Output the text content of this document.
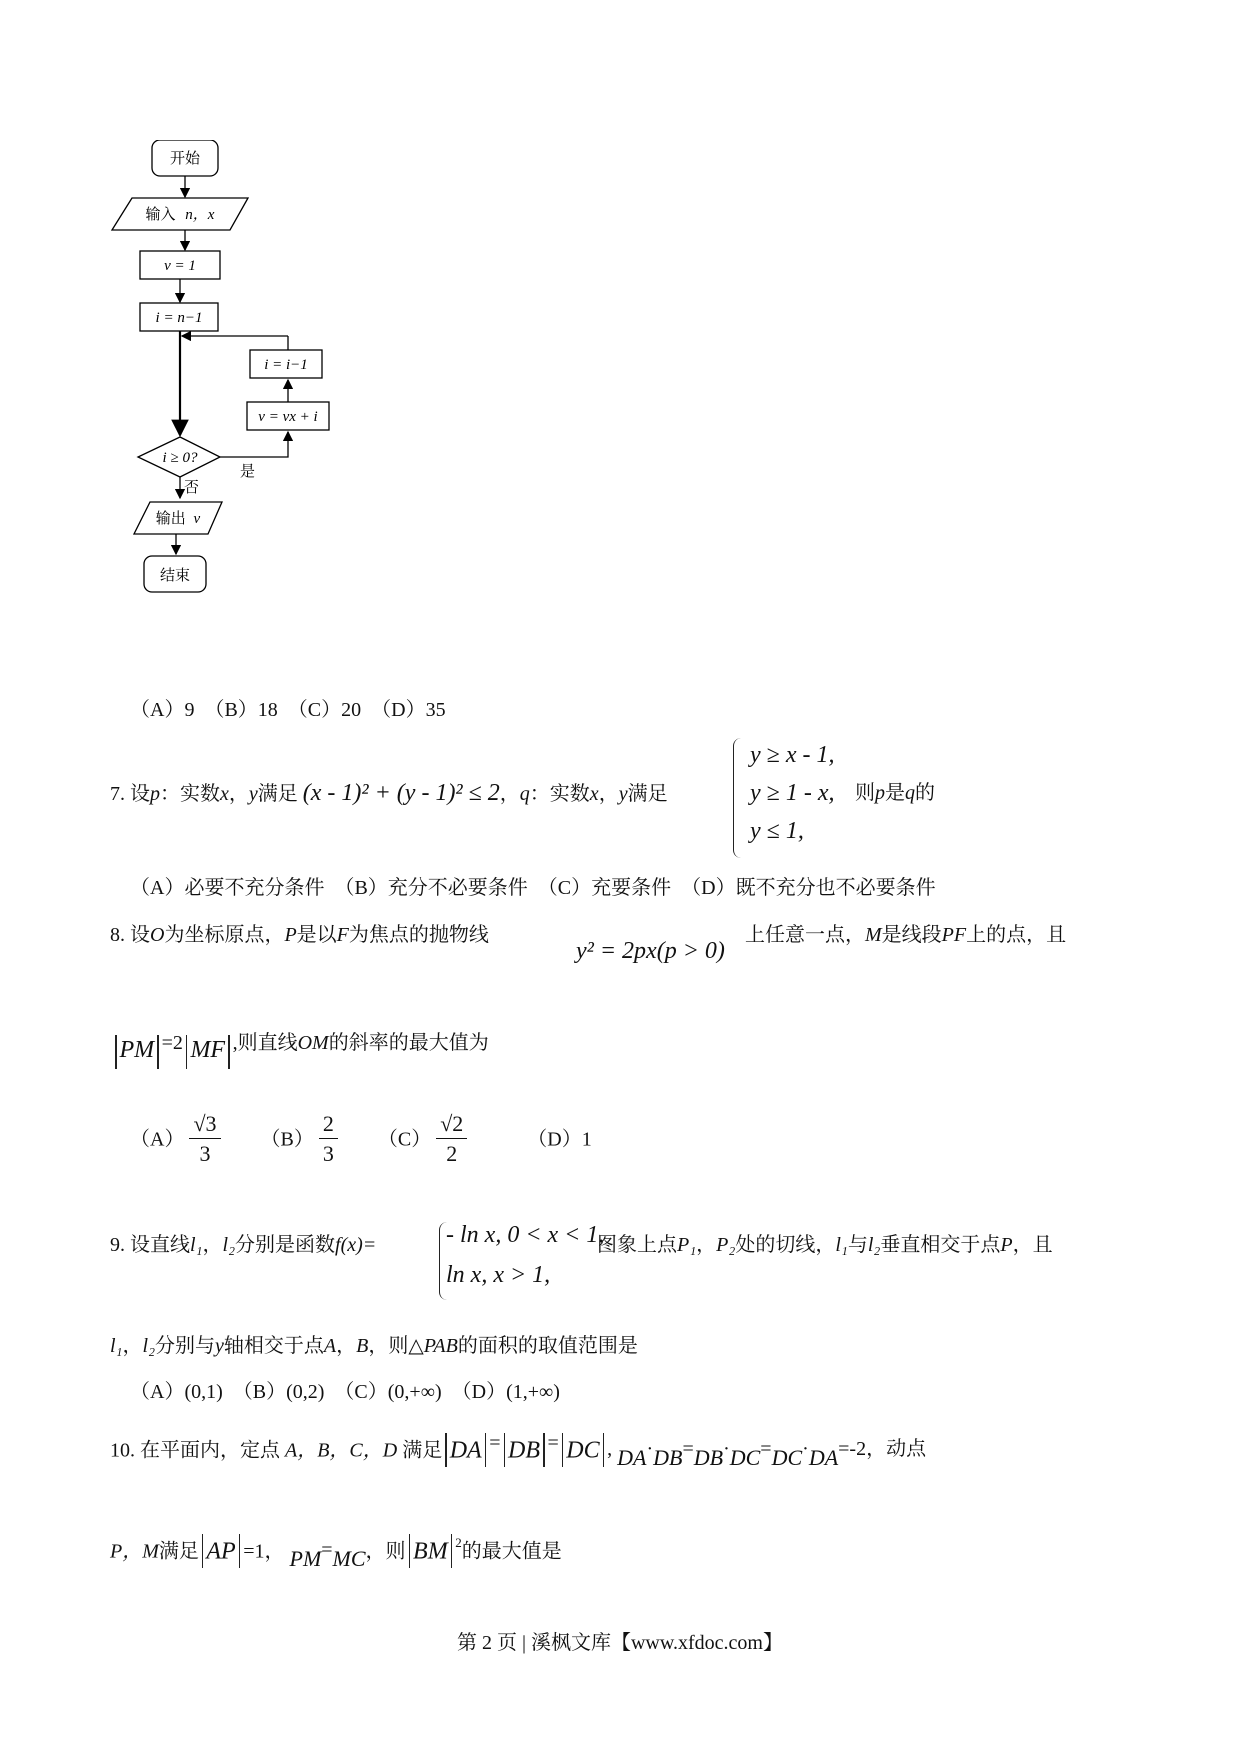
开始
输入 n，x
v = 1
i = n−1
i = i−1
v = vx + i
i ≥ 0?
是
否
输出 v
结束
（A）9  （B）18  （C）20  （D）35
7. 设p：实数x，y满足 (x - 1)² + (y - 1)² ≤ 2，q：实数x，y满足
y ≥ x - 1,
y ≥ 1 - x,
y ≤ 1,
则p是q的
（A）必要不充分条件  （B）充分不必要条件  （C）充要条件  （D）既不充分也不必要条件
8. 设O为坐标原点，P是以F为焦点的抛物线
y² = 2px(p > 0)
上任意一点，M是线段PF上的点，且
PM =2 MF ,则直线OM的斜率的最大值为
$(A) \frac{√3}{3} (B) \frac{2}{3} (C) \frac{√2}{2}$	（D）1
9. 设直线l₁，l₂分别是函数f(x)=	- ln x, 0 < x < 1,
ln x, x > 1,
图象上点P₁，P₂处的切线，l₁与l₂垂直相交于点P，且
l₁，l₂分别与y轴相交于点A，B，则△PAB的面积的取值范围是
（A）(0,1)  （B）(0,2)  （C）(0,+∞)  （D）(1,+∞)
10. 在平面内，定点 A，B，C，D 满足 DA = DB = DC , DA·DB=DB·DC=DC·DA=-2，动点
P，M满足 AP =1， PM=MC，则 BM $^2$的最大值是
第 2 页 | 溪枫文库【www.xfdoc.com】
